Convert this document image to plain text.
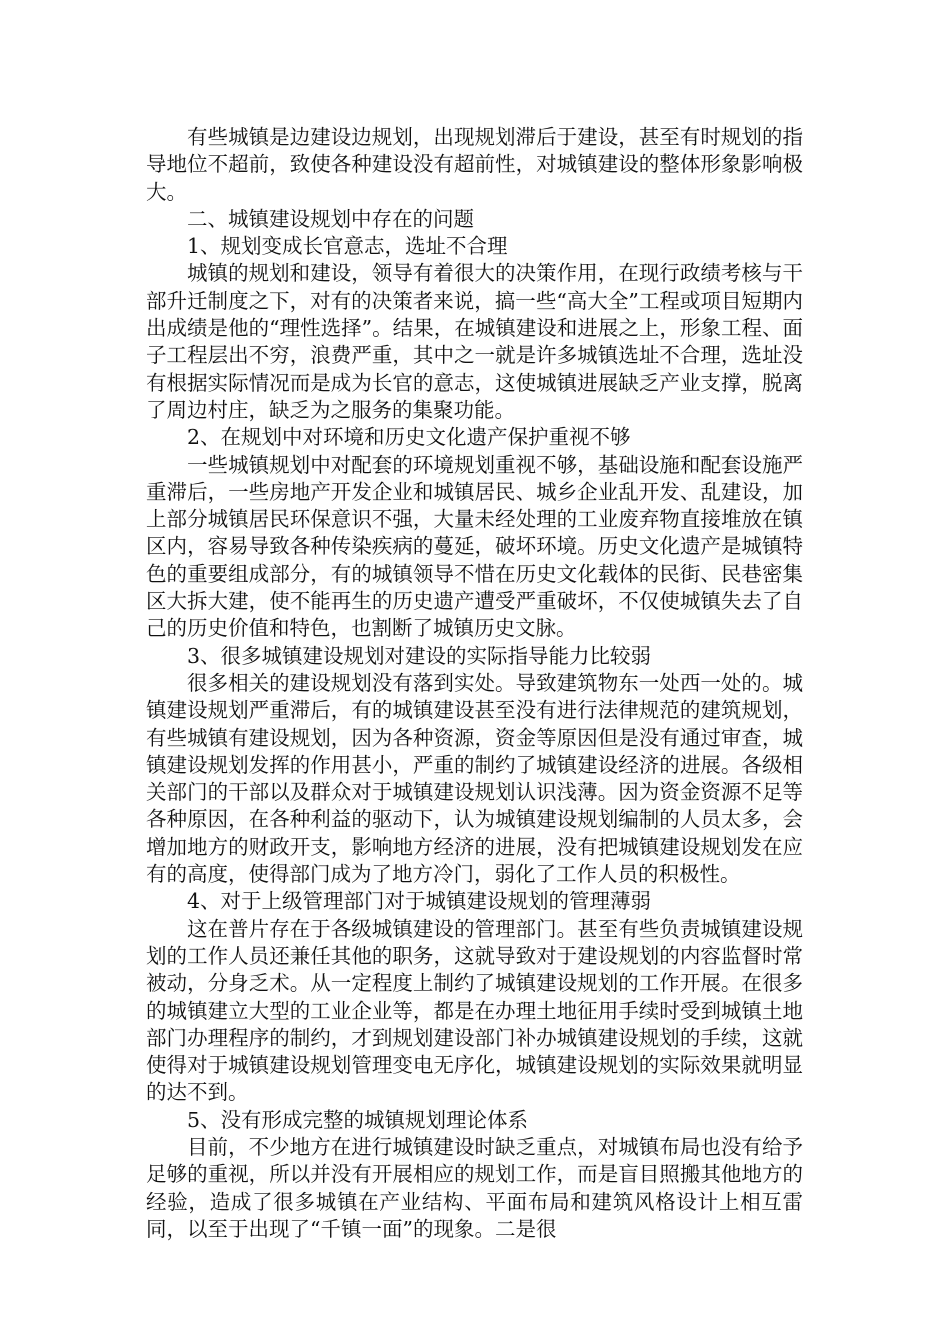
有些城镇是边建设边规划，出现规划滞后于建设，甚至有时规划的指导地位不超前，致使各种建设没有超前性，对城镇建设的整体形象影响极大。

二、城镇建设规划中存在的问题

1、规划变成长官意志，选址不合理

城镇的规划和建设，领导有着很大的决策作用，在现行政绩考核与干部升迁制度之下，对有的决策者来说，搞一些“高大全”工程或项目短期内出成绩是他的“理性选择”。结果，在城镇建设和进展之上，形象工程、面子工程层出不穷，浪费严重，其中之一就是许多城镇选址不合理，选址没有根据实际情况而是成为长官的意志，这使城镇进展缺乏产业支撑，脱离了周边村庄，缺乏为之服务的集聚功能。

2、在规划中对环境和历史文化遗产保护重视不够

一些城镇规划中对配套的环境规划重视不够，基础设施和配套设施严重滞后，一些房地产开发企业和城镇居民、城乡企业乱开发、乱建设，加上部分城镇居民环保意识不强，大量未经处理的工业废弃物直接堆放在镇区内，容易导致各种传染疾病的蔓延，破坏环境。历史文化遗产是城镇特色的重要组成部分，有的城镇领导不惜在历史文化载体的民街、民巷密集区大拆大建，使不能再生的历史遗产遭受严重破坏，不仅使城镇失去了自己的历史价值和特色，也割断了城镇历史文脉。

3、很多城镇建设规划对建设的实际指导能力比较弱

很多相关的建设规划没有落到实处。导致建筑物东一处西一处的。城镇建设规划严重滞后，有的城镇建设甚至没有进行法律规范的建筑规划，有些城镇有建设规划，因为各种资源，资金等原因但是没有通过审查，城镇建设规划发挥的作用甚小，严重的制约了城镇建设经济的进展。各级相关部门的干部以及群众对于城镇建设规划认识浅薄。因为资金资源不足等各种原因，在各种利益的驱动下，认为城镇建设规划编制的人员太多，会增加地方的财政开支，影响地方经济的进展，没有把城镇建设规划发在应有的高度，使得部门成为了地方冷门，弱化了工作人员的积极性。

4、对于上级管理部门对于城镇建设规划的管理薄弱

这在普片存在于各级城镇建设的管理部门。甚至有些负责城镇建设规划的工作人员还兼任其他的职务，这就导致对于建设规划的内容监督时常被动，分身乏术。从一定程度上制约了城镇建设规划的工作开展。在很多的城镇建立大型的工业企业等，都是在办理土地征用手续时受到城镇土地部门办理程序的制约，才到规划建设部门补办城镇建设规划的手续，这就使得对于城镇建设规划管理变电无序化，城镇建设规划的实际效果就明显的达不到。

5、没有形成完整的城镇规划理论体系

目前，不少地方在进行城镇建设时缺乏重点，对城镇布局也没有给予足够的重视，所以并没有开展相应的规划工作，而是盲目照搬其他地方的经验，造成了很多城镇在产业结构、平面布局和建筑风格设计上相互雷同，以至于出现了“千镇一面”的现象。二是很
